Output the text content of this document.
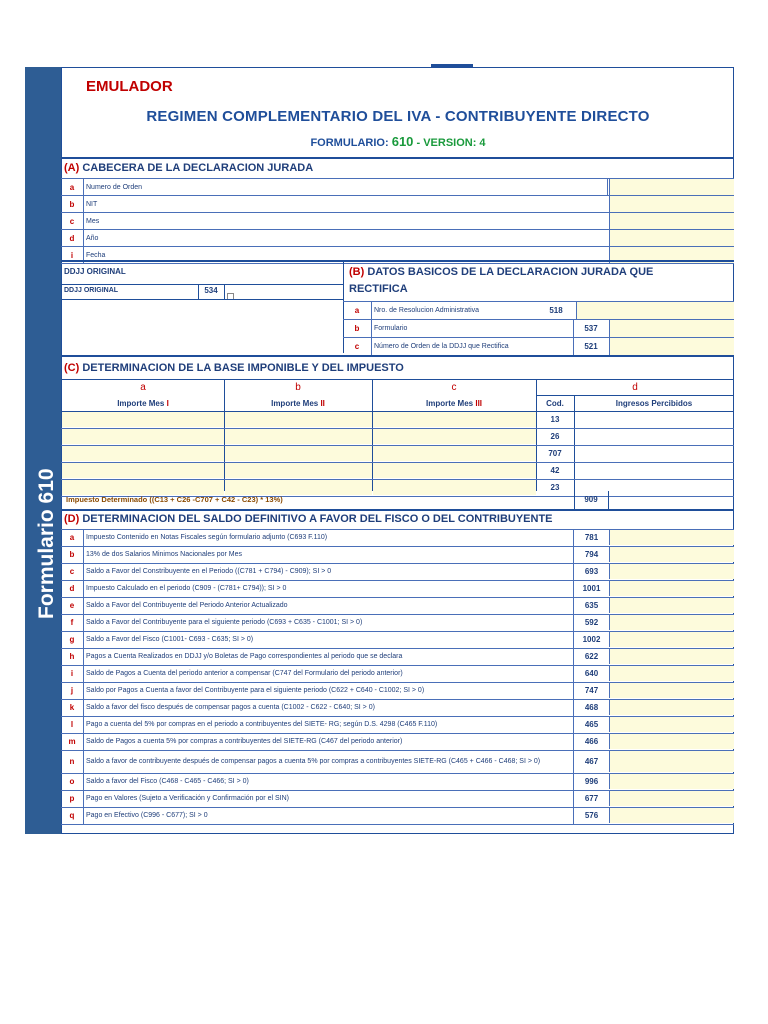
Formulario 610
EMULADOR
REGIMEN COMPLEMENTARIO DEL IVA - CONTRIBUYENTE DIRECTO
FORMULARIO: 610 - VERSION: 4
(A) CABECERA DE LA DECLARACION JURADA
a	Numero de Orden
b	NIT
c	Mes
d	Año
i	Fecha
DDJJ ORIGINAL
DDJJ ORIGINAL	534
(B) DATOS BASICOS DE LA DECLARACION JURADA QUE
RECTIFICA
a	Nro. de Resolucion Administrativa	518
b	Formulario	537
c	Número de Orden de la DDJJ que Rectifica	521
(C) DETERMINACION DE LA BASE IMPONIBLE Y DEL IMPUESTO
a	b	c	d
Importe Mes I	Importe Mes II	Importe Mes III	Cod.	Ingresos Percibidos
13
26
707
42
23
Impuesto Determinado ((C13 + C26 -C707 + C42 - C23) * 13%)	909
(D) DETERMINACION DEL SALDO DEFINITIVO A FAVOR DEL FISCO O DEL CONTRIBUYENTE
a	Impuesto Contenido en Notas Fiscales según formulario adjunto (C693 F.110)	781
b	13% de dos Salarios Minimos Nacionales por Mes	794
c	Saldo a Favor del Constribuyente en el Periodo ((C781 + C794) - C909); SI > 0	693
d	Impuesto Calculado en el periodo (C909 - (C781+ C794)); SI > 0	1001
e	Saldo a Favor del Contribuyente del Periodo Anterior Actualizado	635
f	Saldo a Favor del Contribuyente para el siguiente periodo (C693 + C635 - C1001; SI > 0)	592
g	Saldo a Favor del Fisco (C1001- C693 - C635; SI > 0)	1002
h	Pagos a Cuenta Realizados en DDJJ y/o Boletas de Pago correspondientes al periodo que se declara	622
i	Saldo de Pagos a Cuenta del periodo anterior a compensar (C747 del Formulario del periodo anterior)	640
j	Saldo por Pagos a Cuenta a favor del Contribuyente para el siguiente periodo (C622 + C640 - C1002; SI > 0)	747
k	Saldo a favor del fisco después de compensar pagos a cuenta (C1002 - C622 - C640; SI > 0)	468
l	Pago a cuenta del 5% por compras en el periodo a contribuyentes del SIETE- RG; según D.S. 4298 (C465 F.110)	465
m	Saldo de Pagos a cuenta 5% por compras a contribuyentes del SIETE-RG (C467 del periodo anterior)	466
n	Saldo a favor de contribuyente después de compensar pagos a cuenta 5% por compras a contribuyentes SIETE-RG (C465 + C466 - C468; SI > 0)	467
o	Saldo a favor del Fisco (C468 - C465 - C466; SI > 0)	996
p	Pago en Valores (Sujeto a Verificación y Confirmación por el SIN)	677
q	Pago en Efectivo (C996 - C677); SI > 0	576
